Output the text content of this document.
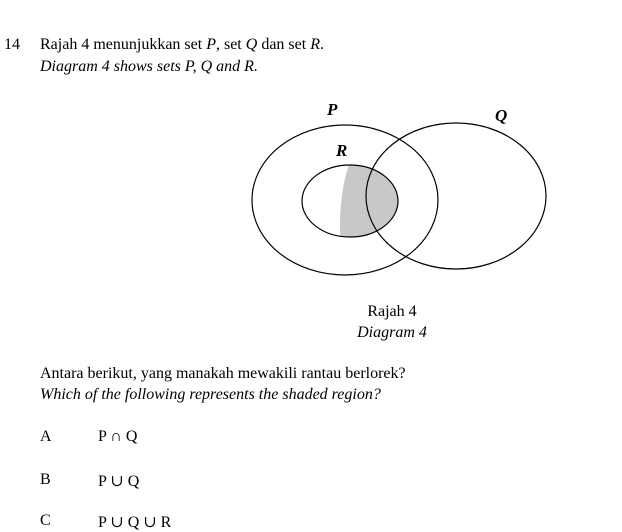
14 Rajah 4 menunjukkan set P, set Q dan set R.
Diagram 4 shows sets P, Q and R.
P	Q
R
Rajah 4
Diagram 4
Antara berikut, yang manakah mewakili rantau berlorek?
Which of the following represents the shaded region?
A	P ∩ Q
B	P ∪ Q
C	P ∪ Q ∪ R
